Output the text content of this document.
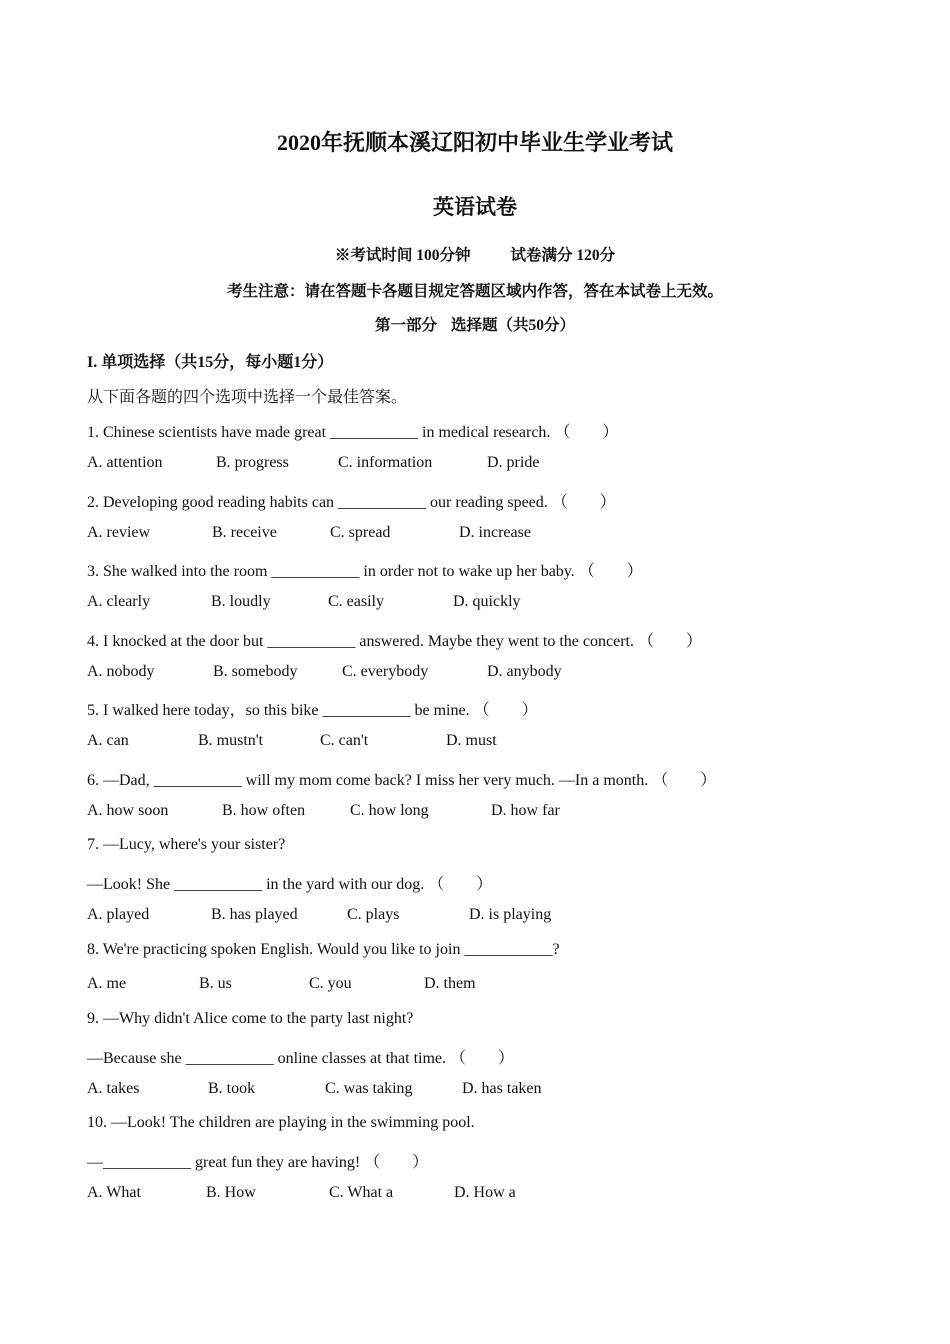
2020年抚顺本溪辽阳初中毕业生学业考试
英语试卷
※考试时间 100分钟	试卷满分 120分
考生注意：请在答题卡各题目规定答题区域内作答，答在本试卷上无效。
第一部分 选择题（共50分）
I. 单项选择（共15分，每小题1分）
从下面各题的四个选项中选择一个最佳答案。
1. Chinese scientists have made great ___________ in medical research. （　　）
A. attention	B. progress	C. information	D. pride
2. Developing good reading habits can ___________ our reading speed. （　　）
A. review	B. receive	C. spread	D. increase
3. She walked into the room ___________ in order not to wake up her baby. （　　）
A. clearly	B. loudly	C. easily	D. quickly
4. I knocked at the door but ___________ answered. Maybe they went to the concert. （　　）
A. nobody	B. somebody	C. everybody	D. anybody
5. I walked here today，so this bike ___________ be mine. （　　）
A. can	B. mustn't	C. can't	D. must
6. —Dad, ___________ will my mom come back? I miss her very much. —In a month. （　　）
A. how soon	B. how often	C. how long	D. how far
7. —Lucy, where's your sister?
—Look! She ___________ in the yard with our dog. （　　）
A. played	B. has played	C. plays	D. is playing
8. We're practicing spoken English. Would you like to join ___________?
A. me	B. us	C. you	D. them
9. —Why didn't Alice come to the party last night?
—Because she ___________ online classes at that time. （　　）
A. takes	B. took	C. was taking	D. has taken
10. —Look! The children are playing in the swimming pool.
—___________ great fun they are having! （　　）
A. What	B. How	C. What a	D. How a
